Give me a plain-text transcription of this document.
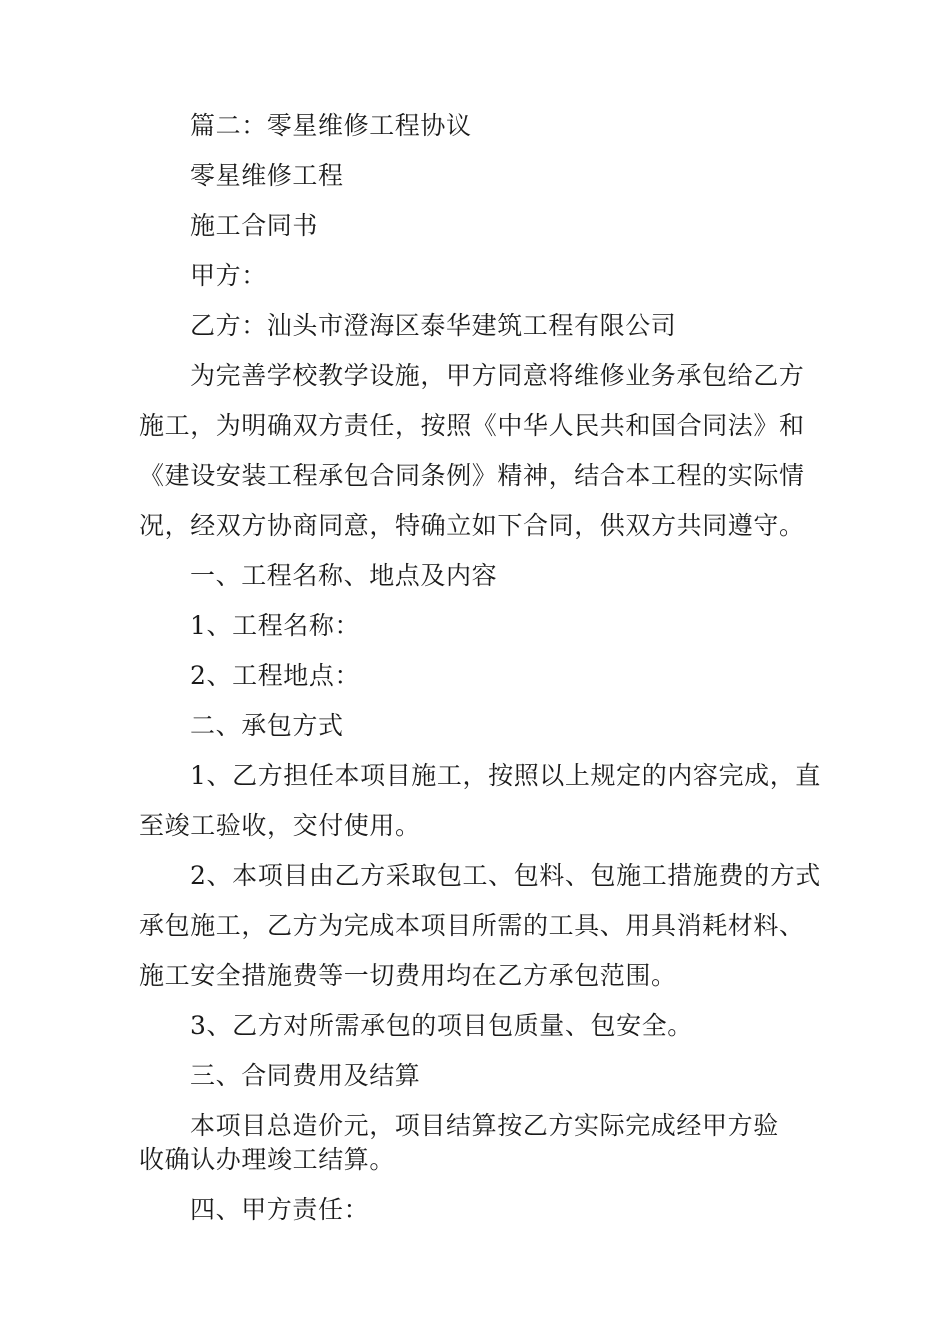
篇二：零星维修工程协议
零星维修工程
施工合同书
甲方：
乙方：汕头市澄海区泰华建筑工程有限公司
为完善学校教学设施，甲方同意将维修业务承包给乙方
施工，为明确双方责任，按照《中华人民共和国合同法》和
《建设安装工程承包合同条例》精神，结合本工程的实际情
况，经双方协商同意，特确立如下合同，供双方共同遵守。
一、工程名称、地点及内容
1、工程名称：
2、工程地点：
二、承包方式
1、乙方担任本项目施工，按照以上规定的内容完成，直
至竣工验收，交付使用。
2、本项目由乙方采取包工、包料、包施工措施费的方式
承包施工，乙方为完成本项目所需的工具、用具消耗材料、
施工安全措施费等一切费用均在乙方承包范围。
3、乙方对所需承包的项目包质量、包安全。
三、合同费用及结算
本项目总造价元，项目结算按乙方实际完成经甲方验
收确认办理竣工结算。
四、甲方责任：
